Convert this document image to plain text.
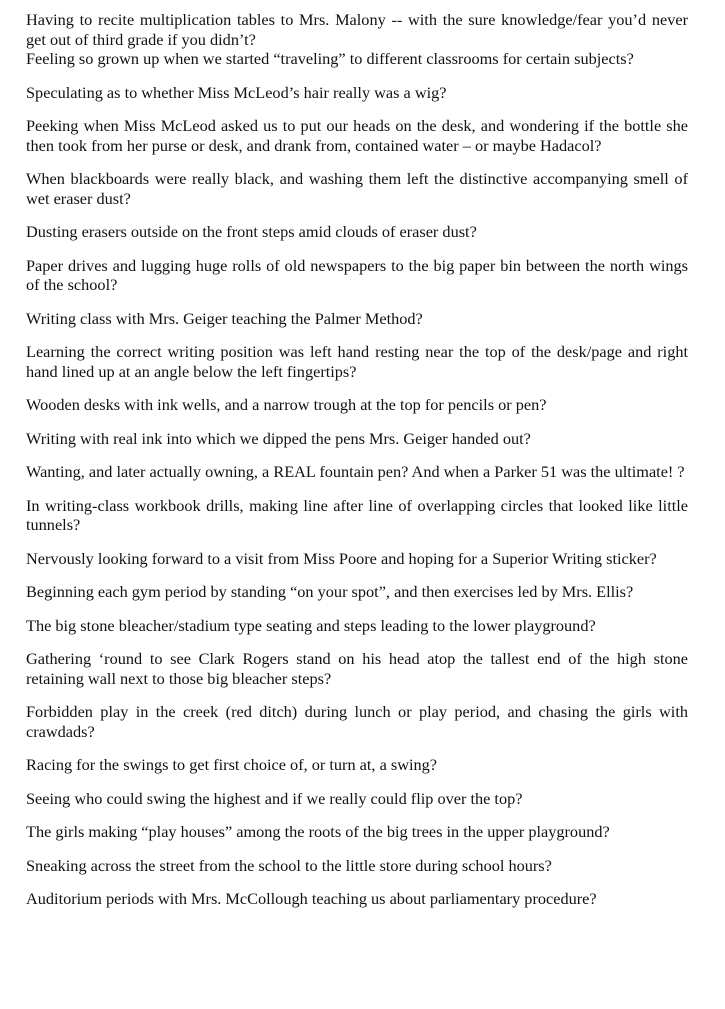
Having to recite multiplication tables to Mrs. Malony -- with the sure knowledge/fear you’d never get out of third grade if you didn’t?

Feeling so grown up when we started “traveling” to different classrooms for certain subjects?

Speculating as to whether Miss McLeod’s hair really was a wig?

Peeking when Miss McLeod asked us to put our heads on the desk, and wondering if the bottle she then took from her purse or desk, and drank from, contained water – or maybe Hadacol?

When blackboards were really black, and washing them left the distinctive accompanying smell of wet eraser dust?

Dusting erasers outside on the front steps amid clouds of eraser dust?

Paper drives and lugging huge rolls of old newspapers to the big paper bin between the north wings of the school?

Writing class with Mrs. Geiger teaching the Palmer Method?

Learning the correct writing position was left hand resting near the top of the desk/page and right hand lined up at an angle below the left fingertips?

Wooden desks with ink wells, and a narrow trough at the top for pencils or pen?

Writing with real ink into which we dipped the pens Mrs. Geiger handed out?

Wanting, and later actually owning, a REAL fountain pen? And when a Parker 51 was the ultimate! ?

In writing-class workbook drills, making line after line of overlapping circles that looked like little tunnels?

Nervously looking forward to a visit from Miss Poore and hoping for a Superior Writing sticker?

Beginning each gym period by standing “on your spot”, and then exercises led by Mrs. Ellis?

The big stone bleacher/stadium type seating and steps leading to the lower playground?

Gathering ‘round to see Clark Rogers stand on his head atop the tallest end of the high stone retaining wall next to those big bleacher steps?

Forbidden play in the creek (red ditch) during lunch or play period, and chasing the girls with crawdads?

Racing for the swings to get first choice of, or turn at, a swing?

Seeing who could swing the highest and if we really could flip over the top?

The girls making “play houses” among the roots of the big trees in the upper playground?

Sneaking across the street from the school to the little store during school hours?

Auditorium periods with Mrs. McCollough teaching us about parliamentary procedure?
